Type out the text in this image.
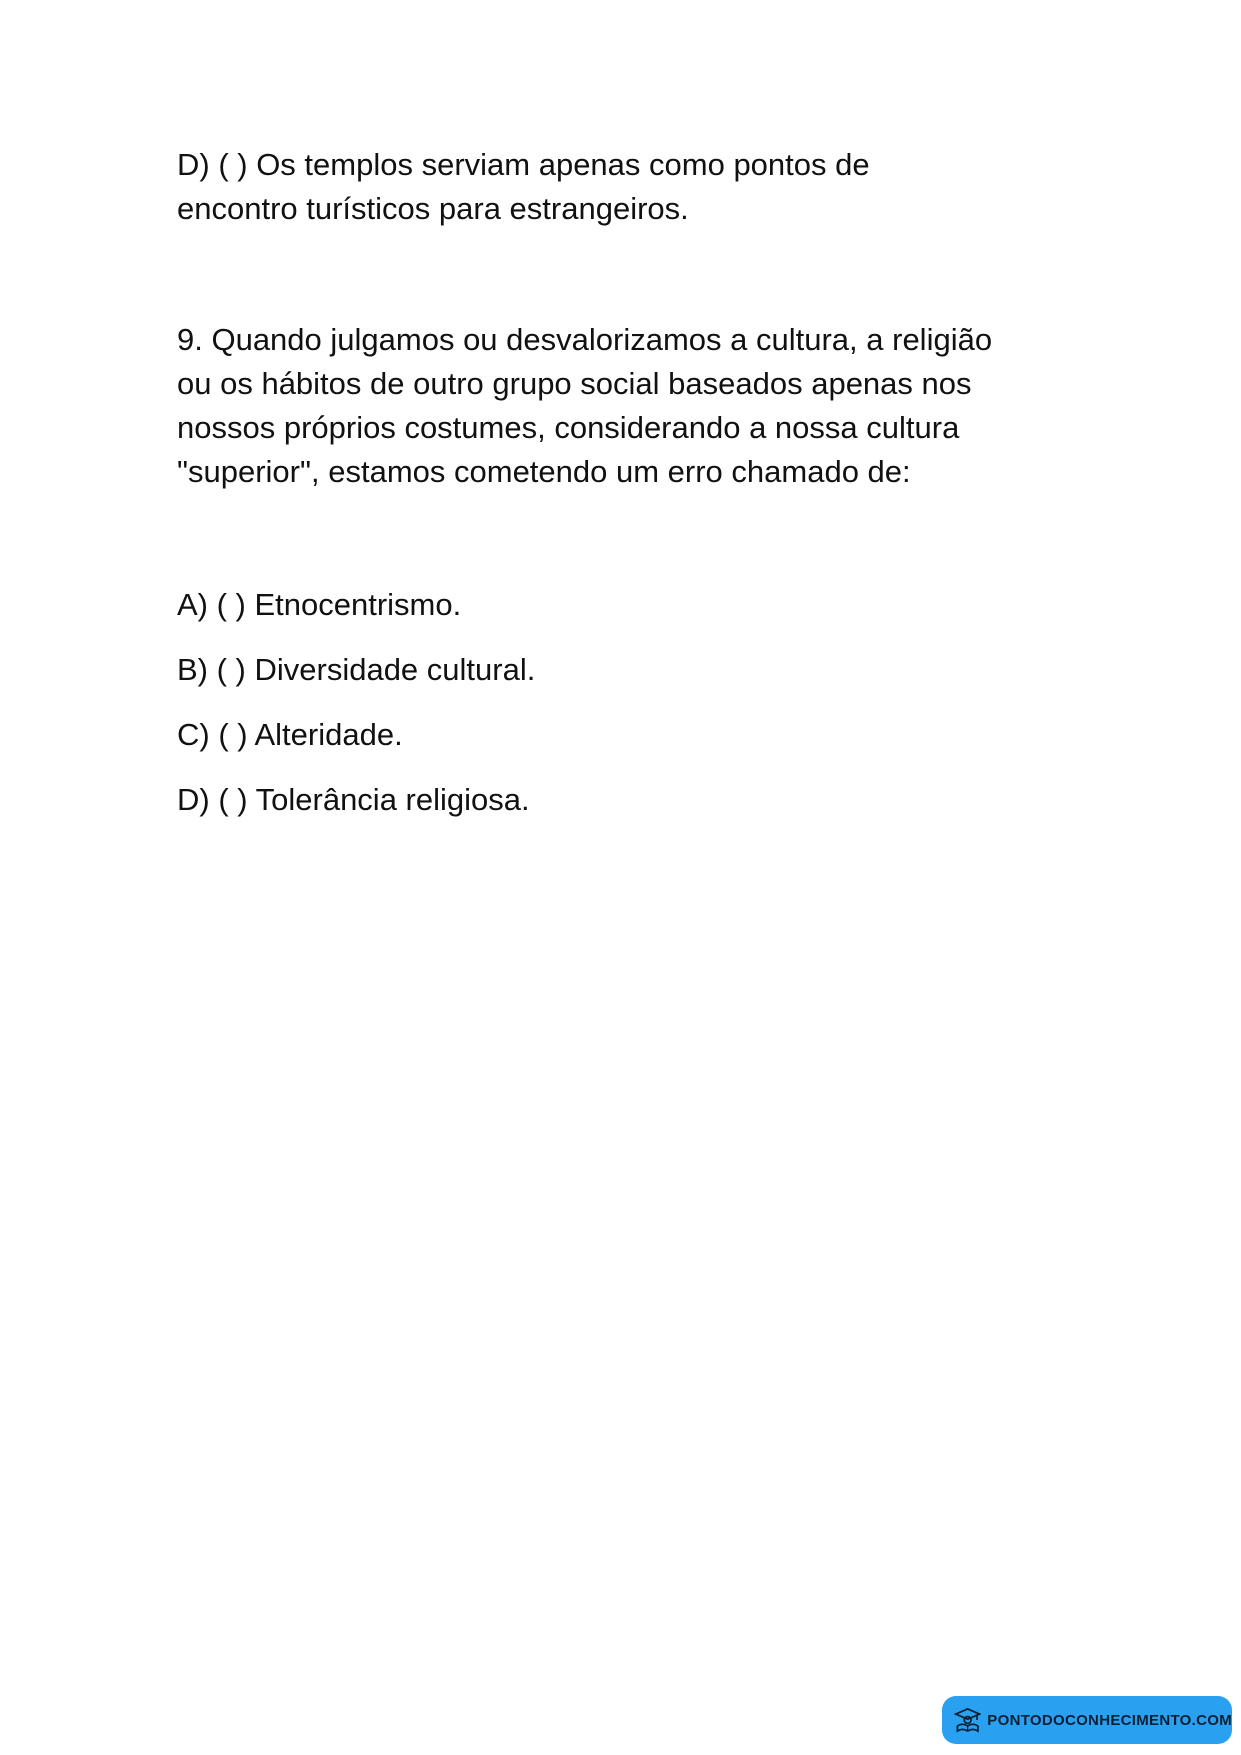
D) ( ) Os templos serviam apenas como pontos de
encontro turísticos para estrangeiros.

9. Quando julgamos ou desvalorizamos a cultura, a religião
ou os hábitos de outro grupo social baseados apenas nos
nossos próprios costumes, considerando a nossa cultura
"superior", estamos cometendo um erro chamado de:

A) ( ) Etnocentrismo.
B) ( ) Diversidade cultural.
C) ( ) Alteridade.
D) ( ) Tolerância religiosa.
PONTODOCONHECIMENTO.COM
